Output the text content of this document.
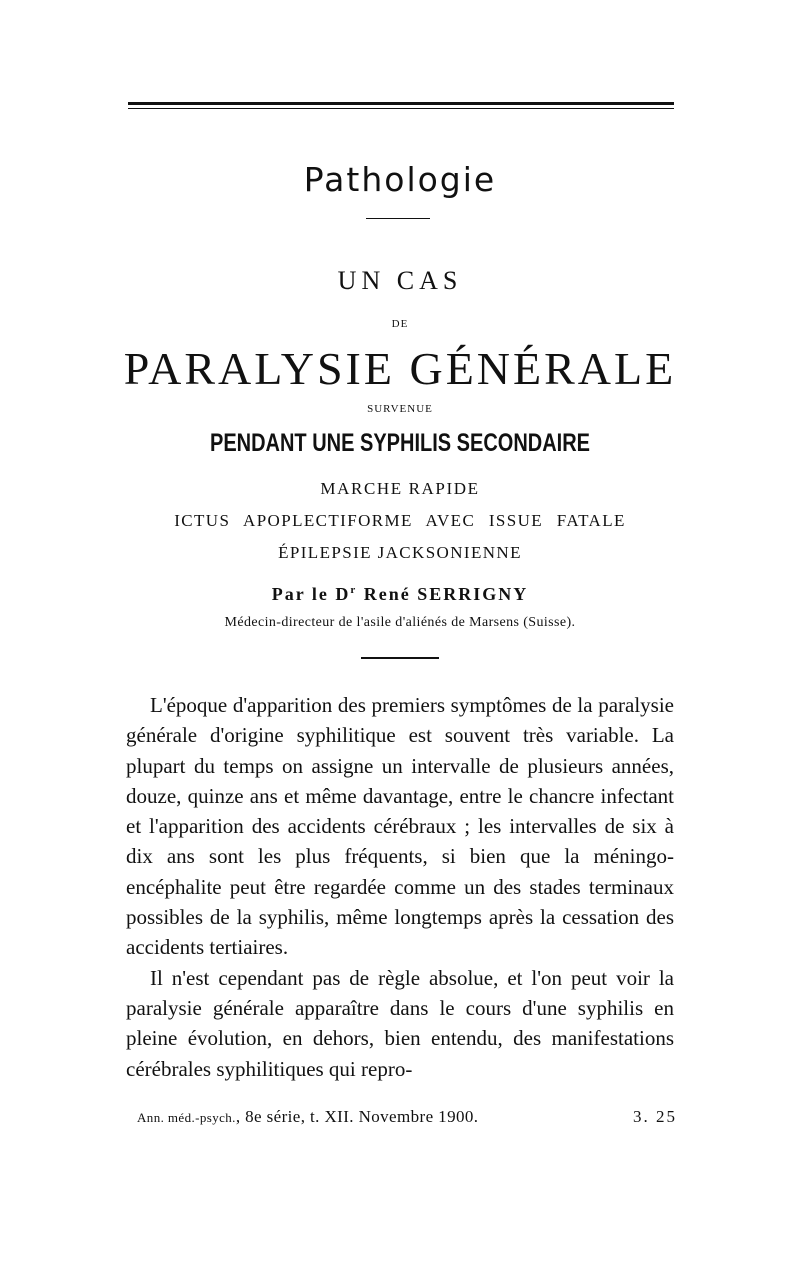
Pathologie
UN CAS
DE
PARALYSIE GÉNÉRALE
SURVENUE
PENDANT UNE SYPHILIS SECONDAIRE
MARCHE RAPIDE
ICTUS APOPLECTIFORME AVEC ISSUE FATALE
ÉPILEPSIE JACKSONIENNE
Par le $D^r$ René SERRIGNY
Médecin-directeur de l'asile d'aliénés de Marsens (Suisse).

L'époque d'apparition des premiers symptômes de la paralysie générale d'origine syphilitique est souvent très variable. La plupart du temps on assigne un intervalle de plusieurs années, douze, quinze ans et même davantage, entre le chancre infectant et l'apparition des accidents cérébraux ; les intervalles de six à dix ans sont les plus fréquents, si bien que la méningo-encéphalite peut être regardée comme un des stades terminaux possibles de la syphilis, même longtemps après la cessation des accidents tertiaires.

Il n'est cependant pas de règle absolue, et l'on peut voir la paralysie générale apparaître dans le cours d'une syphilis en pleine évolution, en dehors, bien entendu, des manifestations cérébrales syphilitiques qui repro-

Ann. méd.-psych., 8e série, t. XII. Novembre 1900.	3. 25
